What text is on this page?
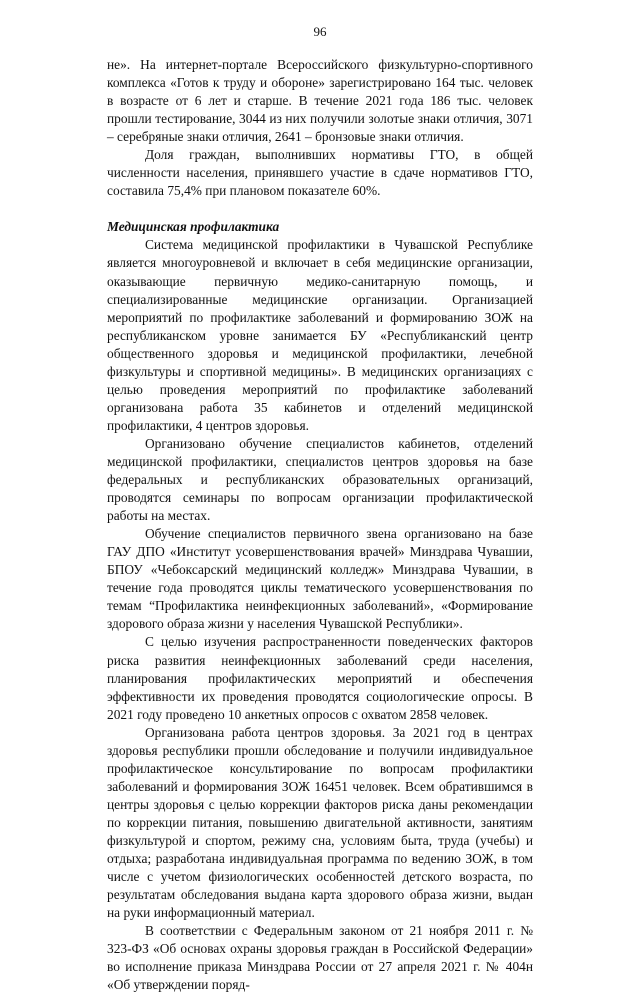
96

не». На интернет-портале Всероссийского физкультурно-спортивного комплекса «Готов к труду и обороне» зарегистрировано 164 тыс. человек в возрасте от 6 лет и старше. В течение 2021 года 186 тыс. человек прошли тестирование, 3044 из них получили золотые знаки отличия, 3071 – серебряные знаки отличия, 2641 – бронзовые знаки отличия.

Доля граждан, выполнивших нормативы ГТО, в общей численности населения, принявшего участие в сдаче нормативов ГТО, составила 75,4% при плановом показателе 60%.

Медицинская профилактика

Система медицинской профилактики в Чувашской Республике является многоуровневой и включает в себя медицинские организации, оказывающие первичную медико-санитарную помощь, и специализированные медицинские организации. Организацией мероприятий по профилактике заболеваний и формированию ЗОЖ на республиканском уровне занимается БУ «Республиканский центр общественного здоровья и медицинской профилактики, лечебной физкультуры и спортивной медицины». В медицинских организациях с целью проведения мероприятий по профилактике заболеваний организована работа 35 кабинетов и отделений медицинской профилактики, 4 центров здоровья.

Организовано обучение специалистов кабинетов, отделений медицинской профилактики, специалистов центров здоровья на базе федеральных и республиканских образовательных организаций, проводятся семинары по вопросам организации профилактической работы на местах.

Обучение специалистов первичного звена организовано на базе ГАУ ДПО «Институт усовершенствования врачей» Минздрава Чувашии, БПОУ «Чебоксарский медицинский колледж» Минздрава Чувашии, в течение года проводятся циклы тематического усовершенствования по темам “Профилактика неинфекционных заболеваний», «Формирование здорового образа жизни у населения Чувашской Республики».

С целью изучения распространенности поведенческих факторов риска развития неинфекционных заболеваний среди населения, планирования профилактических мероприятий и обеспечения эффективности их проведения проводятся социологические опросы. В 2021 году проведено 10 анкетных опросов с охватом 2858 человек.

Организована работа центров здоровья. За 2021 год в центрах здоровья республики прошли обследование и получили индивидуальное профилактическое консультирование по вопросам профилактики заболеваний и формирования ЗОЖ 16451 человек. Всем обратившимся в центры здоровья с целью коррекции факторов риска даны рекомендации по коррекции питания, повышению двигательной активности, занятиям физкультурой и спортом, режиму сна, условиям быта, труда (учебы) и отдыха; разработана индивидуальная программа по ведению ЗОЖ, в том числе с учетом физиологических особенностей детского возраста, по результатам обследования выдана карта здорового образа жизни, выдан на руки информационный материал.

В соответствии с Федеральным законом от 21 ноября 2011 г. № 323-ФЗ «Об основах охраны здоровья граждан в Российской Федерации» во исполнение приказа Минздрава России от 27 апреля 2021 г. № 404н «Об утверждении поряд-
